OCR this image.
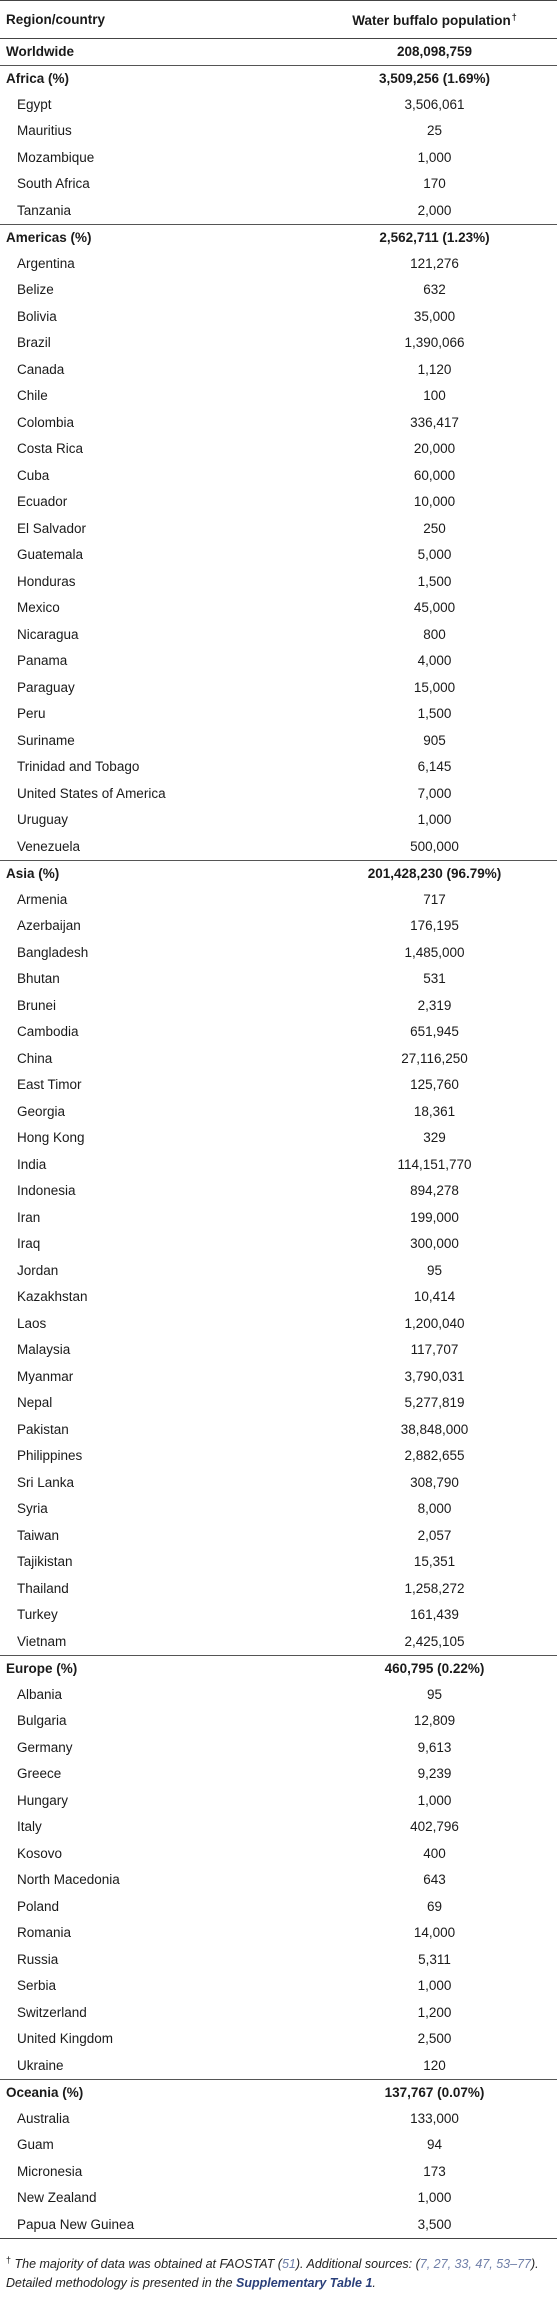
Region/country	Water buffalo population†
Worldwide	208,098,759
Africa (%)	3,509,256 (1.69%)
Egypt	3,506,061
Mauritius	25
Mozambique	1,000
South Africa	170
Tanzania	2,000
Americas (%)	2,562,711 (1.23%)
Argentina	121,276
Belize	632
Bolivia	35,000
Brazil	1,390,066
Canada	1,120
Chile	100
Colombia	336,417
Costa Rica	20,000
Cuba	60,000
Ecuador	10,000
El Salvador	250
Guatemala	5,000
Honduras	1,500
Mexico	45,000
Nicaragua	800
Panama	4,000
Paraguay	15,000
Peru	1,500
Suriname	905
Trinidad and Tobago	6,145
United States of America	7,000
Uruguay	1,000
Venezuela	500,000
Asia (%)	201,428,230 (96.79%)
Armenia	717
Azerbaijan	176,195
Bangladesh	1,485,000
Bhutan	531
Brunei	2,319
Cambodia	651,945
China	27,116,250
East Timor	125,760
Georgia	18,361
Hong Kong	329
India	114,151,770
Indonesia	894,278
Iran	199,000
Iraq	300,000
Jordan	95
Kazakhstan	10,414
Laos	1,200,040
Malaysia	117,707
Myanmar	3,790,031
Nepal	5,277,819
Pakistan	38,848,000
Philippines	2,882,655
Sri Lanka	308,790
Syria	8,000
Taiwan	2,057
Tajikistan	15,351
Thailand	1,258,272
Turkey	161,439
Vietnam	2,425,105
Europe (%)	460,795 (0.22%)
Albania	95
Bulgaria	12,809
Germany	9,613
Greece	9,239
Hungary	1,000
Italy	402,796
Kosovo	400
North Macedonia	643
Poland	69
Romania	14,000
Russia	5,311
Serbia	1,000
Switzerland	1,200
United Kingdom	2,500
Ukraine	120
Oceania (%)	137,767 (0.07%)
Australia	133,000
Guam	94
Micronesia	173
New Zealand	1,000
Papua New Guinea	3,500
† The majority of data was obtained at FAOSTAT (51). Additional sources: (7, 27, 33, 47, 53–77). Detailed methodology is presented in the Supplementary Table 1.
